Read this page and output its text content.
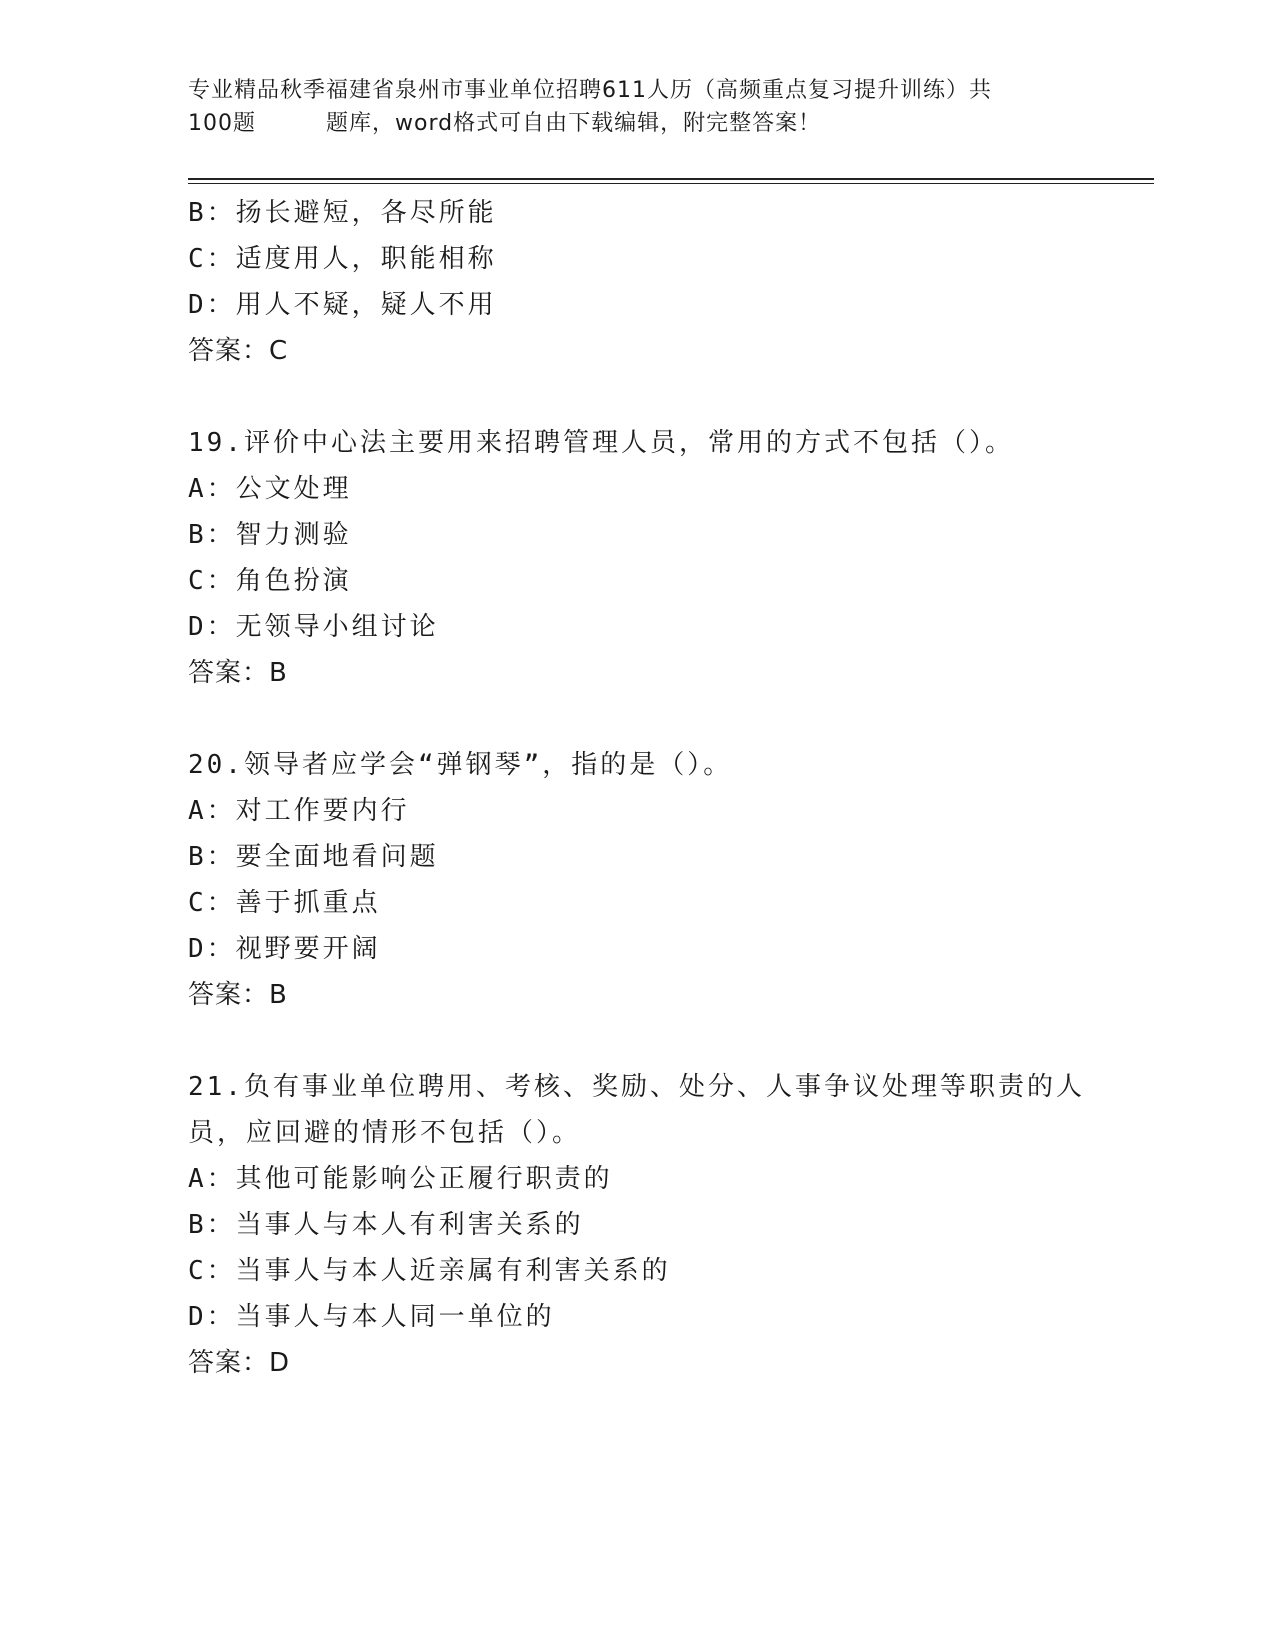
专业精品秋季福建省泉州市事业单位招聘611人历（高频重点复习提升训练）共
100题	题库，word格式可自由下载编辑，附完整答案！
B：扬长避短，各尽所能
C：适度用人，职能相称
D：用人不疑，疑人不用
答案：C
19.评价中心法主要用来招聘管理人员，常用的方式不包括（）。
A：公文处理
B：智力测验
C：角色扮演
D：无领导小组讨论
答案：B
20.领导者应学会“弹钢琴”，指的是（）。
A：对工作要内行
B：要全面地看问题
C：善于抓重点
D：视野要开阔
答案：B
21.负有事业单位聘用、考核、奖励、处分、人事争议处理等职责的人
员，应回避的情形不包括（）。
A：其他可能影响公正履行职责的
B：当事人与本人有利害关系的
C：当事人与本人近亲属有利害关系的
D：当事人与本人同一单位的
答案：D
